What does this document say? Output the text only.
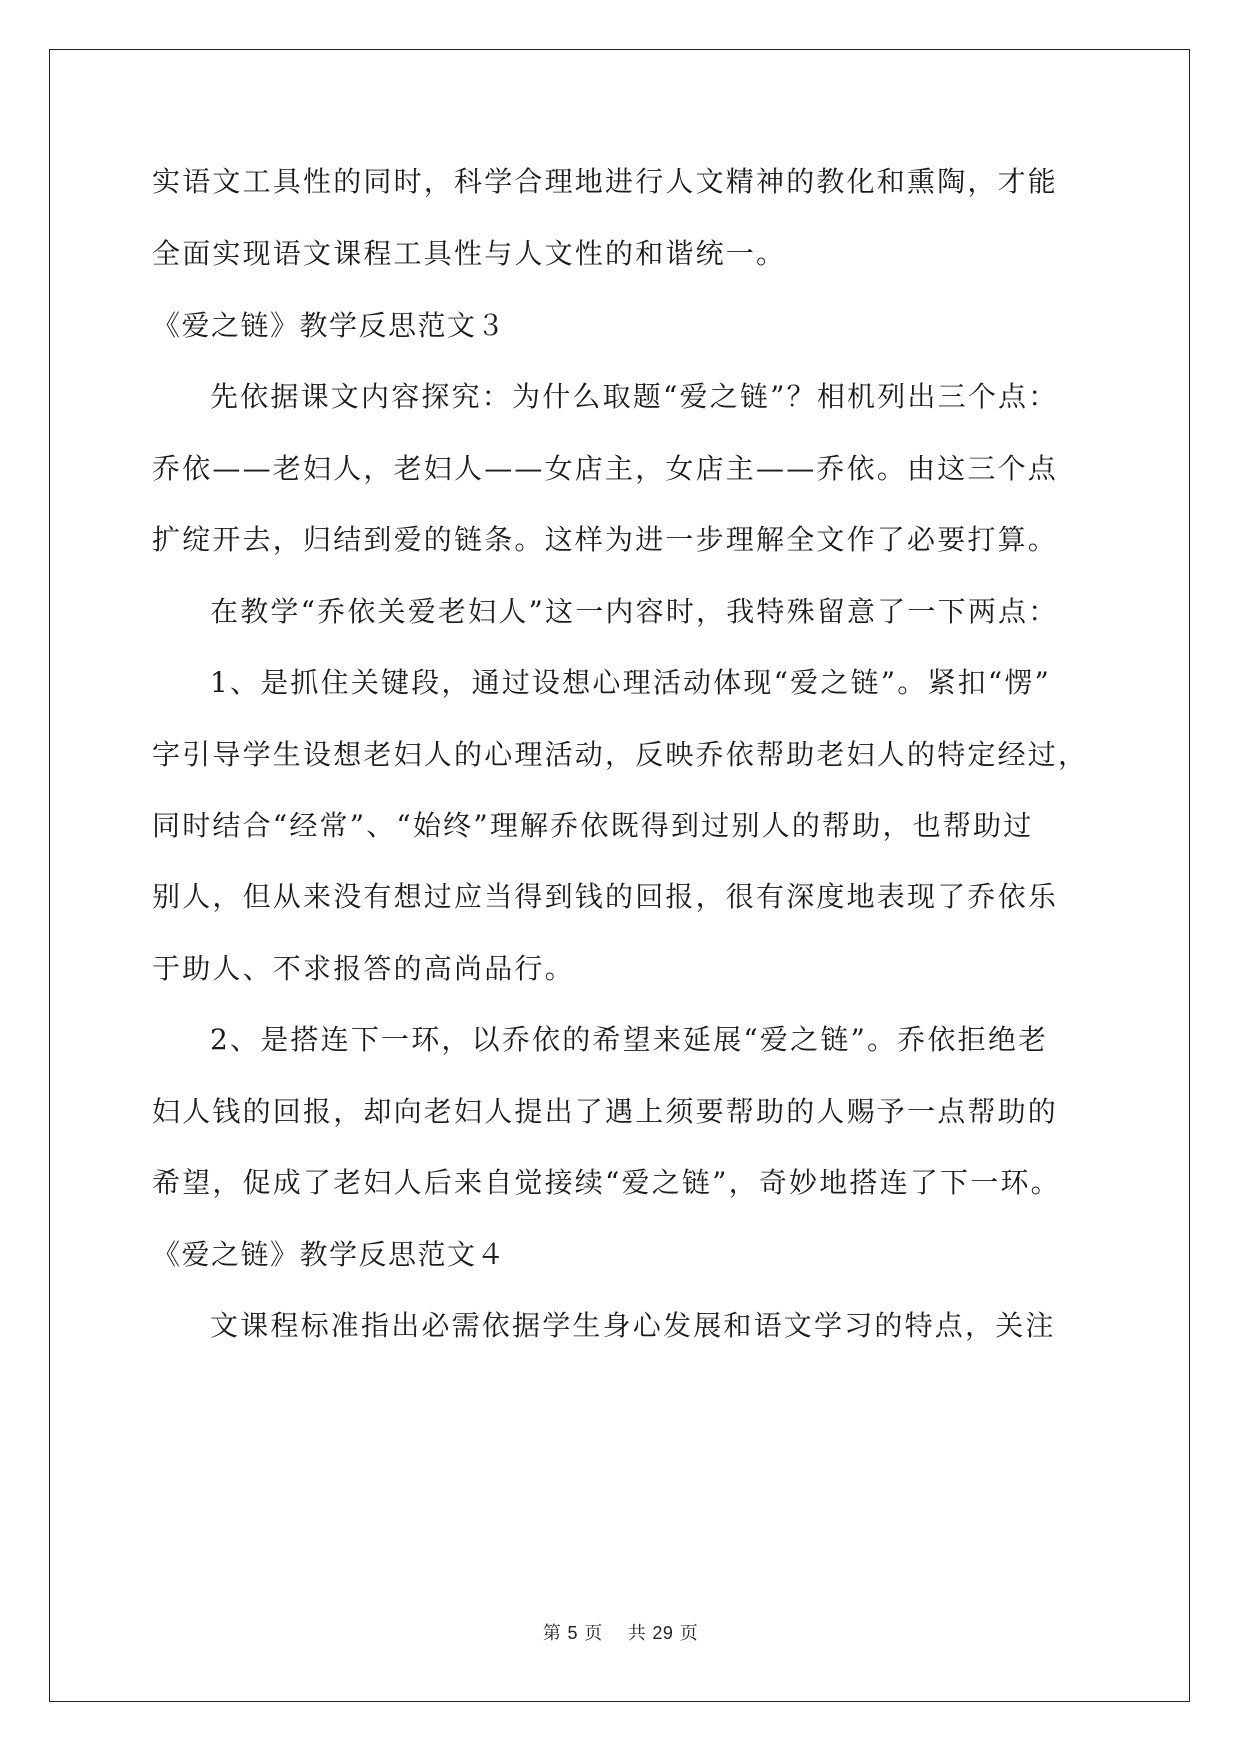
实语文工具性的同时，科学合理地进行人文精神的教化和熏陶，才能
全面实现语文课程工具性与人文性的和谐统一。
《爱之链》教学反思范文３
先依据课文内容探究：为什么取题“爱之链”？相机列出三个点：
乔依——老妇人，老妇人——女店主，女店主——乔依。由这三个点
扩绽开去，归结到爱的链条。这样为进一步理解全文作了必要打算。
在教学“乔依关爱老妇人”这一内容时，我特殊留意了一下两点：
1、是抓住关键段，通过设想心理活动体现“爱之链”。紧扣“愣”
字引导学生设想老妇人的心理活动，反映乔依帮助老妇人的特定经过，
同时结合“经常”、“始终”理解乔依既得到过别人的帮助，也帮助过
别人，但从来没有想过应当得到钱的回报，很有深度地表现了乔依乐
于助人、不求报答的高尚品行。
2、是搭连下一环，以乔依的希望来延展“爱之链”。乔依拒绝老
妇人钱的回报，却向老妇人提出了遇上须要帮助的人赐予一点帮助的
希望，促成了老妇人后来自觉接续“爱之链”，奇妙地搭连了下一环。
《爱之链》教学反思范文４
文课程标准指出必需依据学生身心发展和语文学习的特点，关注
第 5 页 共 29 页
